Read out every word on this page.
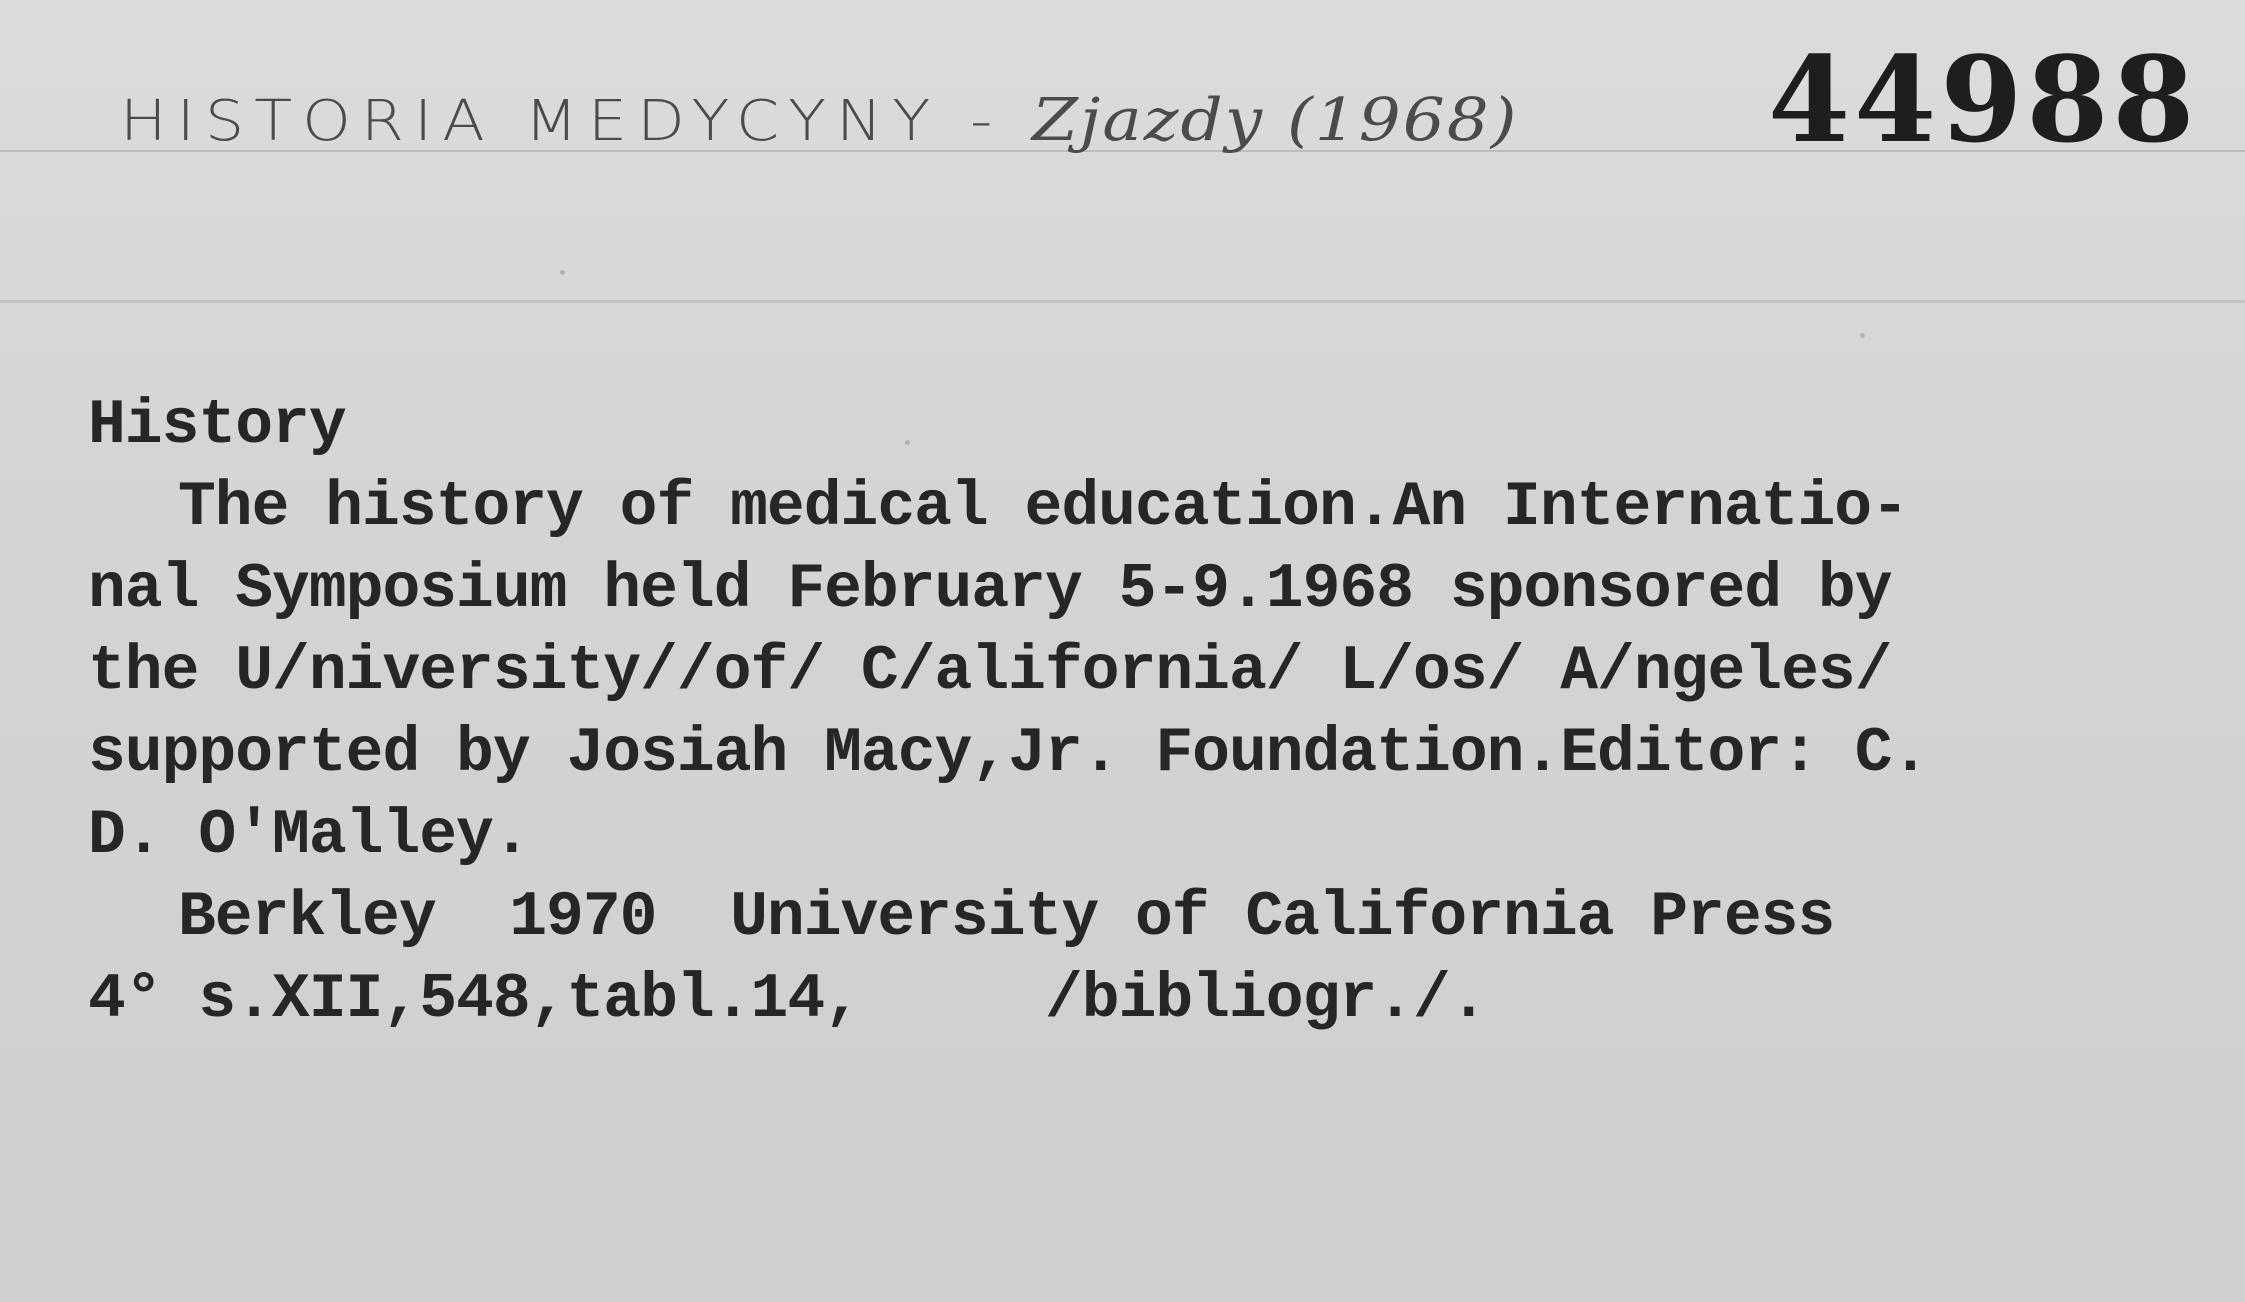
HISTORIA MEDYCYNY - Zjazdy (1968) 44988
History
The history of medical education.An Internatio-
nal Symposium held February 5-9.1968 sponsored by
the U/niversity//of/ C/alifornia/ L/os/ A/ngeles/
supported by Josiah Macy,Jr. Foundation.Editor: C.
D. O'Malley.
Berkley  1970  University of California Press
4° s.XII,548,tabl.14,     /bibliogr./.
